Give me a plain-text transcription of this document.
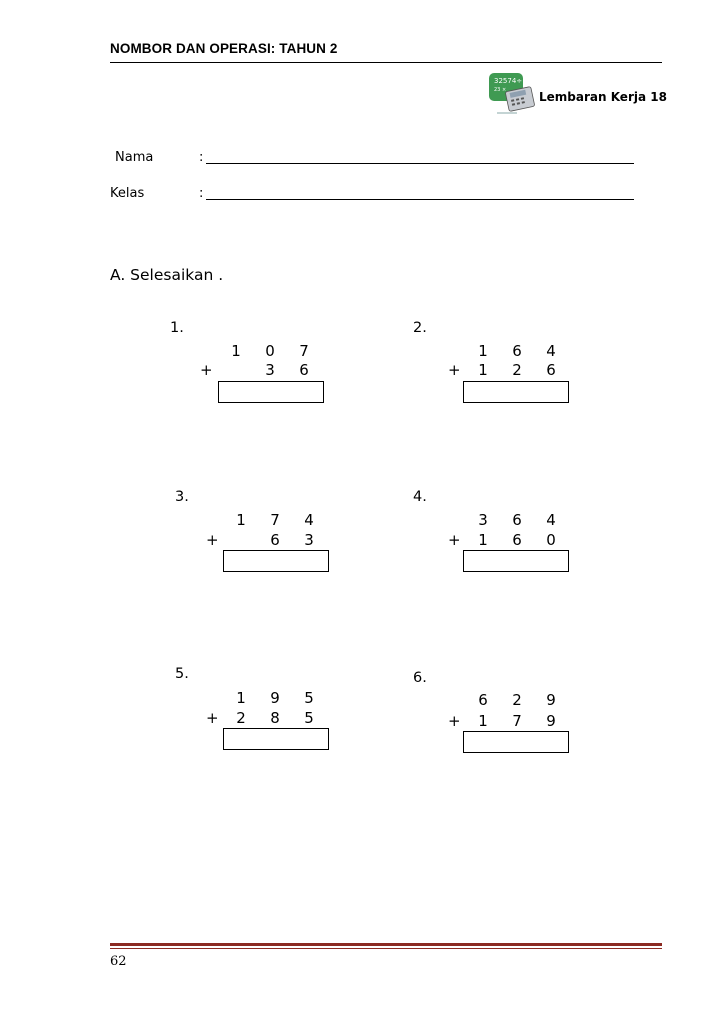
NOMBOR DAN OPERASI: TAHUN 2
32574÷
23 ×	Lembaran Kerja 18
Nama	:
Kelas	:
A. Selesaikan .
1.
1 0 7
+	3 6
2.
1 6 4
+ 1 2 6
3.
1 7 4
+	6 3
4.
3 6 4
+ 1 6 0
5.
1 9 5
+ 2 8 5
6.
6 2 9
+ 1 7 9
62
